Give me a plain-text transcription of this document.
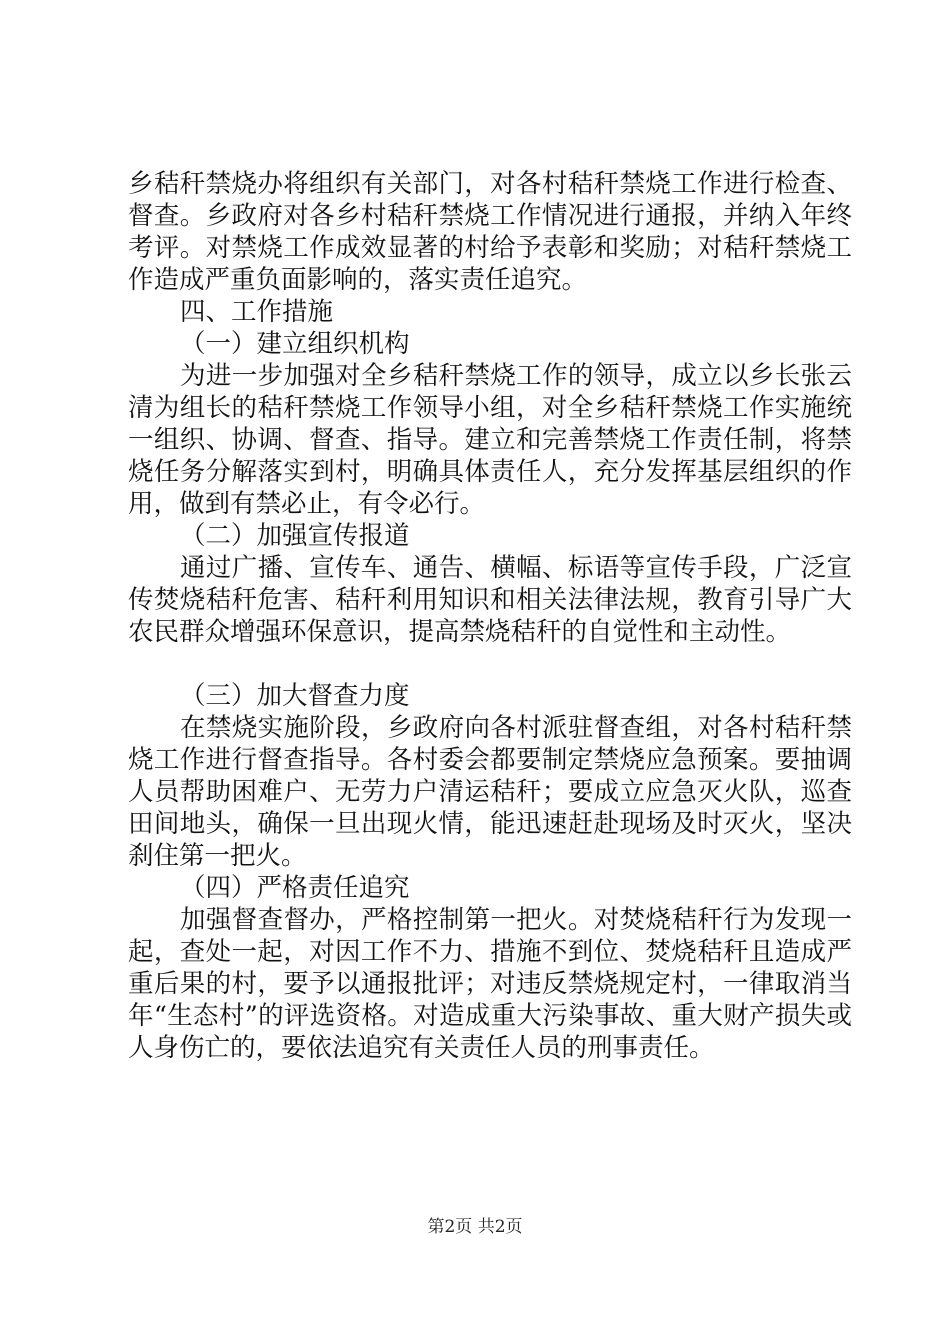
乡秸秆禁烧办将组织有关部门，对各村秸秆禁烧工作进行检查、督查。乡政府对各乡村秸秆禁烧工作情况进行通报，并纳入年终考评。对禁烧工作成效显著的村给予表彰和奖励；对秸秆禁烧工作造成严重负面影响的，落实责任追究。

四、工作措施

（一）建立组织机构

为进一步加强对全乡秸秆禁烧工作的领导，成立以乡长张云清为组长的秸秆禁烧工作领导小组，对全乡秸秆禁烧工作实施统一组织、协调、督查、指导。建立和完善禁烧工作责任制，将禁烧任务分解落实到村，明确具体责任人，充分发挥基层组织的作用，做到有禁必止，有令必行。

（二）加强宣传报道

通过广播、宣传车、通告、横幅、标语等宣传手段，广泛宣传焚烧秸秆危害、秸秆利用知识和相关法律法规，教育引导广大农民群众增强环保意识，提高禁烧秸秆的自觉性和主动性。

（三）加大督查力度

在禁烧实施阶段，乡政府向各村派驻督查组，对各村秸秆禁烧工作进行督查指导。各村委会都要制定禁烧应急预案。要抽调人员帮助困难户、无劳力户清运秸秆；要成立应急灭火队，巡查田间地头，确保一旦出现火情，能迅速赶赴现场及时灭火，坚决刹住第一把火。

（四）严格责任追究

加强督查督办，严格控制第一把火。对焚烧秸秆行为发现一起，查处一起，对因工作不力、措施不到位、焚烧秸秆且造成严重后果的村，要予以通报批评；对违反禁烧规定村，一律取消当年“生态村”的评选资格。对造成重大污染事故、重大财产损失或人身伤亡的，要依法追究有关责任人员的刑事责任。

第2页 共2页
